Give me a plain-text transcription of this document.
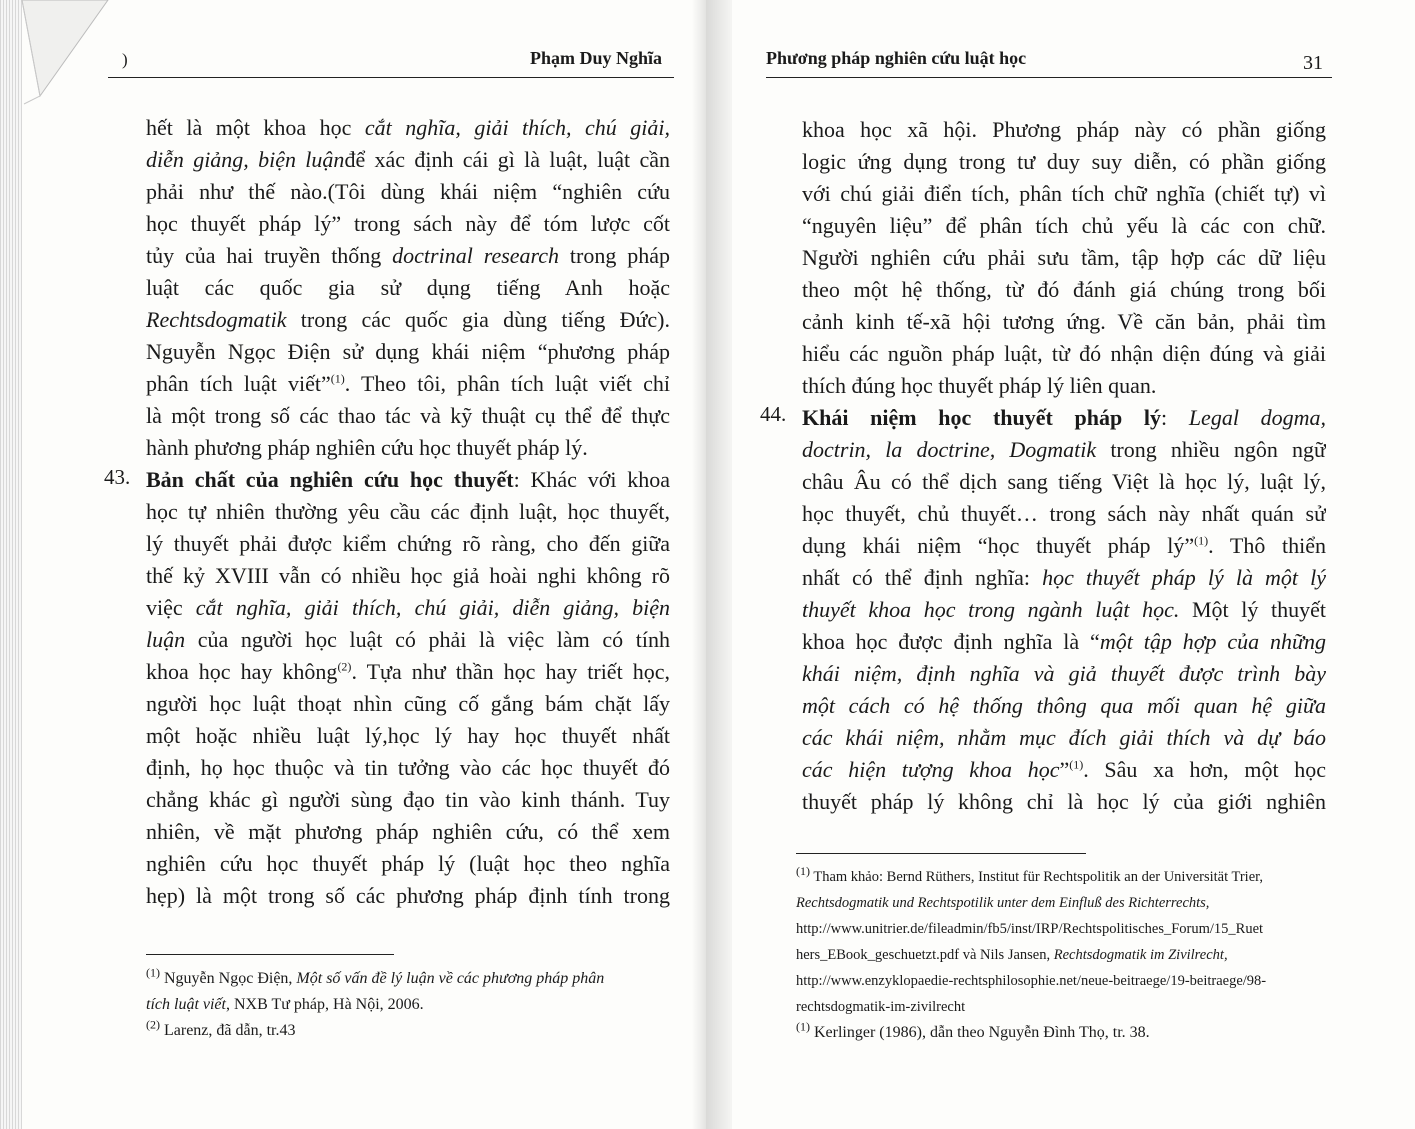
)	Phạm Duy Nghĩa
hết là một khoa học cắt nghĩa, giải thích, chú giải,
diễn giảng, biện luậnđể xác định cái gì là luật, luật cần
phải như thế nào.(Tôi dùng khái niệm “nghiên cứu
học thuyết pháp lý” trong sách này để tóm lược cốt
tủy của hai truyền thống doctrinal research trong pháp
luật các quốc gia sử dụng tiếng Anh hoặc
Rechtsdogmatik trong các quốc gia dùng tiếng Đức).
Nguyễn Ngọc Điện sử dụng khái niệm “phương pháp
phân tích luật viết”$^{(1)}$. Theo tôi, phân tích luật viết chỉ
là một trong số các thao tác và kỹ thuật cụ thể để thực
hành phương pháp nghiên cứu học thuyết pháp lý.
Bản chất của nghiên cứu học thuyết: Khác với khoa
học tự nhiên thường yêu cầu các định luật, học thuyết,
lý thuyết phải được kiểm chứng rõ ràng, cho đến giữa
thế kỷ XVIII vẫn có nhiều học giả hoài nghi không rõ
việc cắt nghĩa, giải thích, chú giải, diễn giảng, biện
luận của người học luật có phải là việc làm có tính
khoa học hay không$^{(2)}$. Tựa như thần học hay triết học,
người học luật thoạt nhìn cũng cố gắng bám chặt lấy
một hoặc nhiều luật lý,học lý hay học thuyết nhất
định, họ học thuộc và tin tưởng vào các học thuyết đó
chẳng khác gì người sùng đạo tin vào kinh thánh. Tuy
nhiên, về mặt phương pháp nghiên cứu, có thể xem
nghiên cứu học thuyết pháp lý (luật học theo nghĩa
hẹp) là một trong số các phương pháp định tính trong
43.
$^{(1)}$ Nguyễn Ngọc Điện, Một số vấn đề lý luận về các phương pháp phân
tích luật viết, NXB Tư pháp, Hà Nội, 2006.
$^{(2)}$ Larenz, đã dẫn, tr.43
Phương pháp nghiên cứu luật học	31
khoa học xã hội. Phương pháp này có phần giống
logic ứng dụng trong tư duy suy diễn, có phần giống
với chú giải điển tích, phân tích chữ nghĩa (chiết tự) vì
“nguyên liệu” để phân tích chủ yếu là các con chữ.
Người nghiên cứu phải sưu tầm, tập hợp các dữ liệu
theo một hệ thống, từ đó đánh giá chúng trong bối
cảnh kinh tế-xã hội tương ứng. Về căn bản, phải tìm
hiểu các nguồn pháp luật, từ đó nhận diện đúng và giải
thích đúng học thuyết pháp lý liên quan.
Khái niệm học thuyết pháp lý: Legal dogma,
doctrin, la doctrine, Dogmatik trong nhiều ngôn ngữ
châu Âu có thể dịch sang tiếng Việt là học lý, luật lý,
học thuyết, chủ thuyết… trong sách này nhất quán sử
dụng khái niệm “học thuyết pháp lý”$^{(1)}$. Thô thiển
nhất có thể định nghĩa: học thuyết pháp lý là một lý
thuyết khoa học trong ngành luật học. Một lý thuyết
khoa học được định nghĩa là “một tập hợp của những
khái niệm, định nghĩa và giả thuyết được trình bày
một cách có hệ thống thông qua mối quan hệ giữa
các khái niệm, nhằm mục đích giải thích và dự báo
các hiện tượng khoa học”$^{(1)}$. Sâu xa hơn, một học
thuyết pháp lý không chỉ là học lý của giới nghiên
44.
$^{(1)}$ Tham khảo: Bernd Rüthers, Institut für Rechtspolitik an der Universität Trier,
Rechtsdogmatik und Rechtspotilik unter dem Einfluß des Richterrechts,
http://www.unitrier.de/fileadmin/fb5/inst/IRP/Rechtspolitisches_Forum/15_Ruet
hers_EBook_geschuetzt.pdf và Nils Jansen, Rechtsdogmatik im Zivilrecht,
http://www.enzyklopaedie-rechtsphilosophie.net/neue-beitraege/19-beitraege/98-
rechtsdogmatik-im-zivilrecht
$^{(1)}$ Kerlinger (1986), dẫn theo Nguyễn Đình Thọ, tr. 38.
